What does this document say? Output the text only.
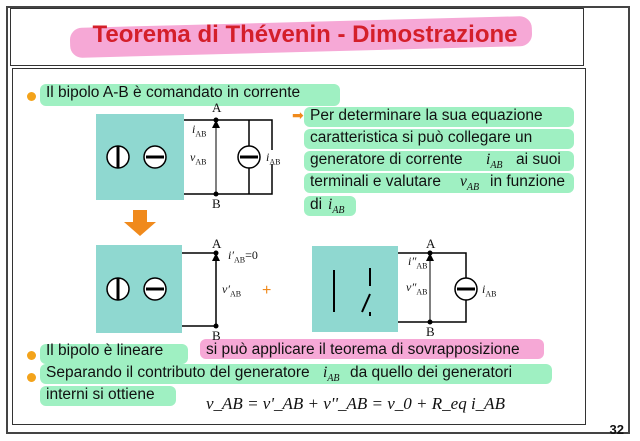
Teorema di Thévenin - Dimostrazione
Il bipolo A-B è comandato in corrente
Il bipolo è lineare	si può applicare il teorema di sovrapposizione
Separando il contributo del generatore $i_{AB}$ da quello dei generatori
interni si ottiene
➡ Per determinare la sua equazione
caratteristica si può collegare un
generatore di corrente $i_{AB}$ ai suoi
terminali e valutare $v_{AB}$ in funzione
di $i_{AB}$
A
B
$i_{AB}$
$v_{AB}$	$i_{AB}$
A
B
$i'_{AB}=0$
$v'_{AB}$ +
A
B
$i''_{AB}$
$v''_{AB}$	$i_{AB}$
v_AB = v'_AB + v''_AB = v_0 + R_eq i_AB
32
